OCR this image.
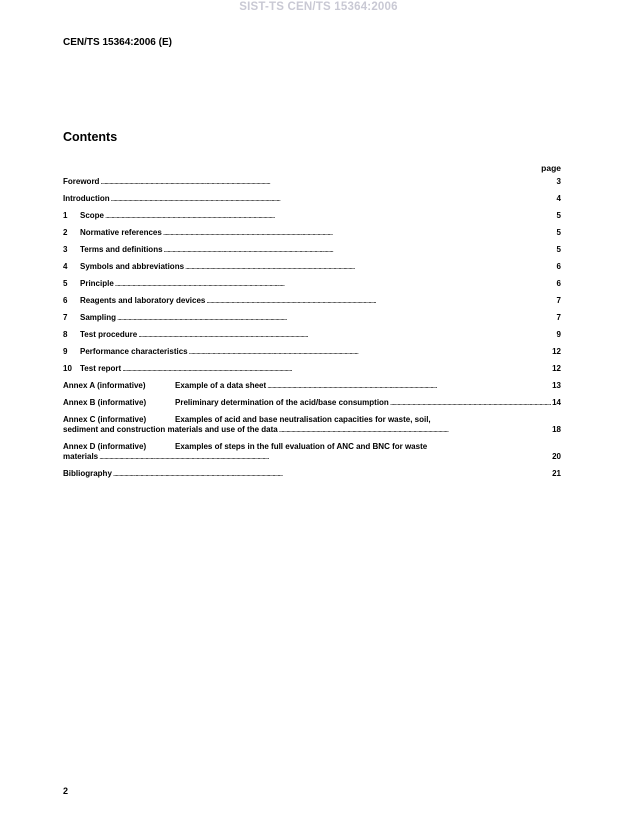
SIST-TS CEN/TS 15364:2006
CEN/TS 15364:2006 (E)
Contents
page
Foreword . . .	3
Introduction . . .	4
1	Scope . . .	5
2	Normative references . . .	5
3	Terms and definitions . . .	5
4	Symbols and abbreviations . . .	6
5	Principle . . .	6
6	Reagents and laboratory devices . . .	7
7	Sampling . . .	7
8	Test procedure . . .	9
9	Performance characteristics . . .	12
10	Test report . . .	12
Annex A (informative)	Example of a data sheet . . .	13
Annex B (informative)	Preliminary determination of the acid/base consumption . . .	14
Annex C (informative)	Examples of acid and base neutralisation capacities for waste, soil,
sediment and construction materials and use of the data . . .	18
Annex D (informative)	Examples of steps in the full evaluation of ANC and BNC for waste
materials . . .	20
Bibliography . . .	21
2
